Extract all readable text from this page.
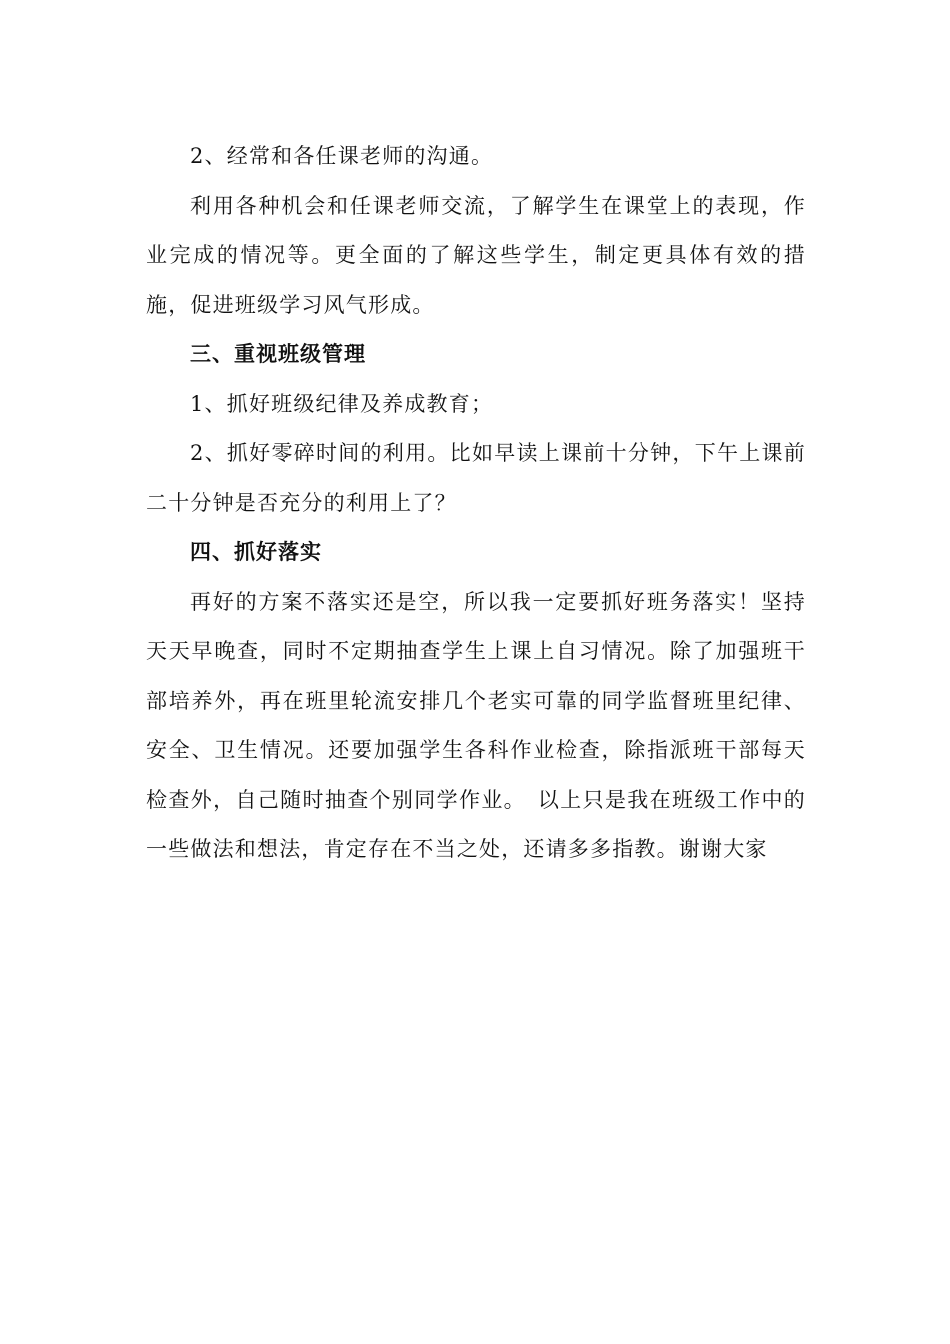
2、经常和各任课老师的沟通。

利用各种机会和任课老师交流，了解学生在课堂上的表现，作业完成的情况等。更全面的了解这些学生，制定更具体有效的措施，促进班级学习风气形成。

三、重视班级管理

1、抓好班级纪律及养成教育；

2、抓好零碎时间的利用。比如早读上课前十分钟，下午上课前二十分钟是否充分的利用上了？

四、抓好落实

再好的方案不落实还是空，所以我一定要抓好班务落实！坚持天天早晚查，同时不定期抽查学生上课上自习情况。除了加强班干部培养外，再在班里轮流安排几个老实可靠的同学监督班里纪律、安全、卫生情况。还要加强学生各科作业检查，除指派班干部每天检查外，自己随时抽查个别同学作业。　以上只是我在班级工作中的一些做法和想法，肯定存在不当之处，还请多多指教。谢谢大家
